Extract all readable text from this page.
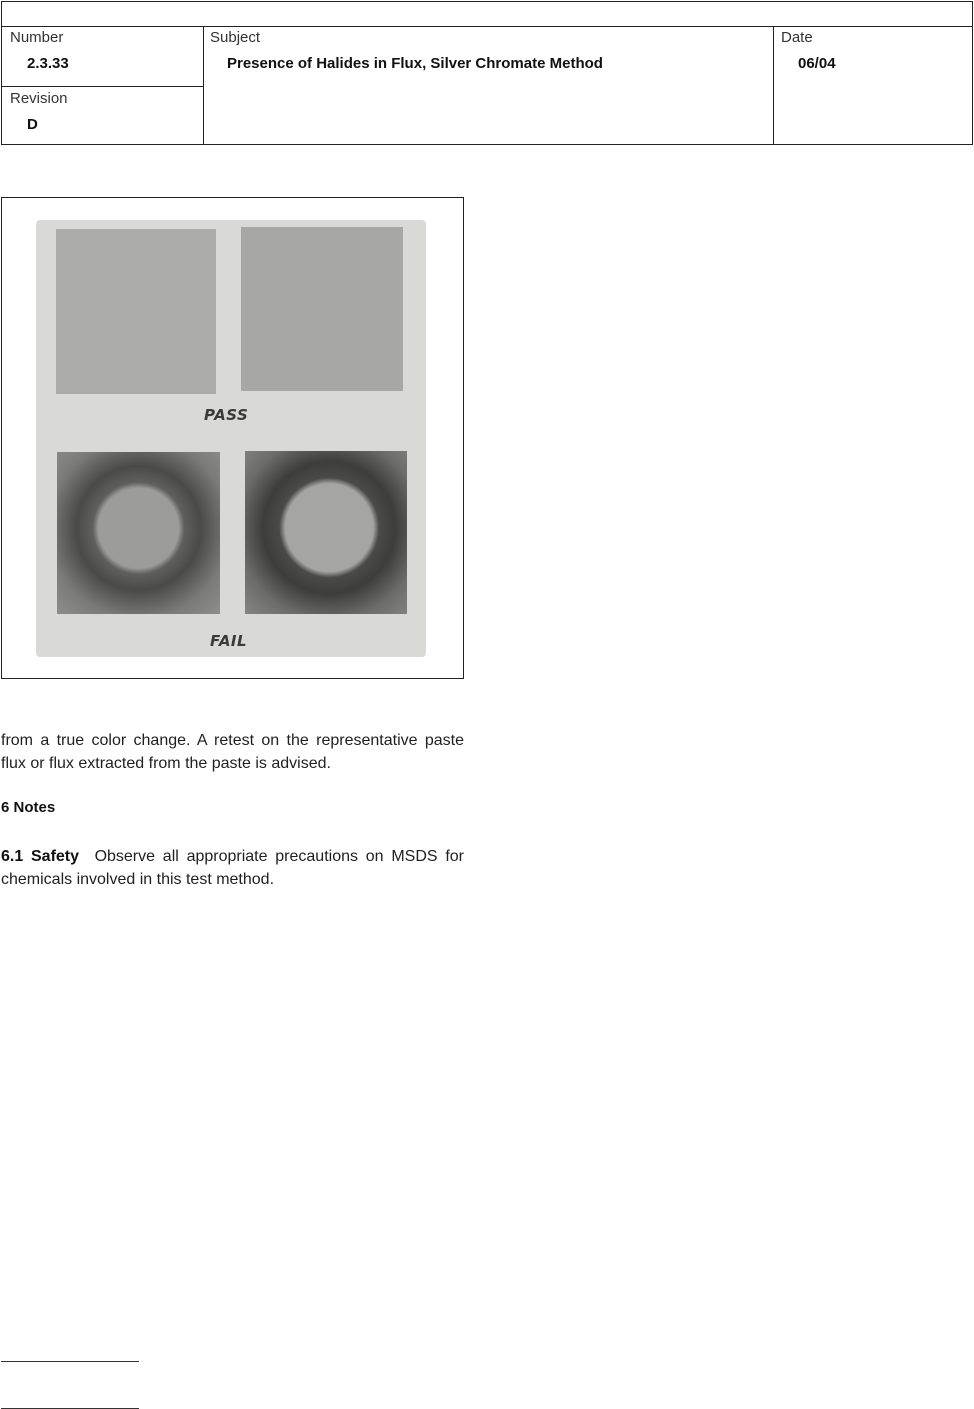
Number
2.3.33
Revision
D
Subject
Presence of Halides in Flux, Silver Chromate Method
Date
06/04
PASS
FAIL
from a true color change. A retest on the representative paste flux or flux extracted from the paste is advised.
6 Notes
6.1 Safety Observe all appropriate precautions on MSDS for chemicals involved in this test method.
